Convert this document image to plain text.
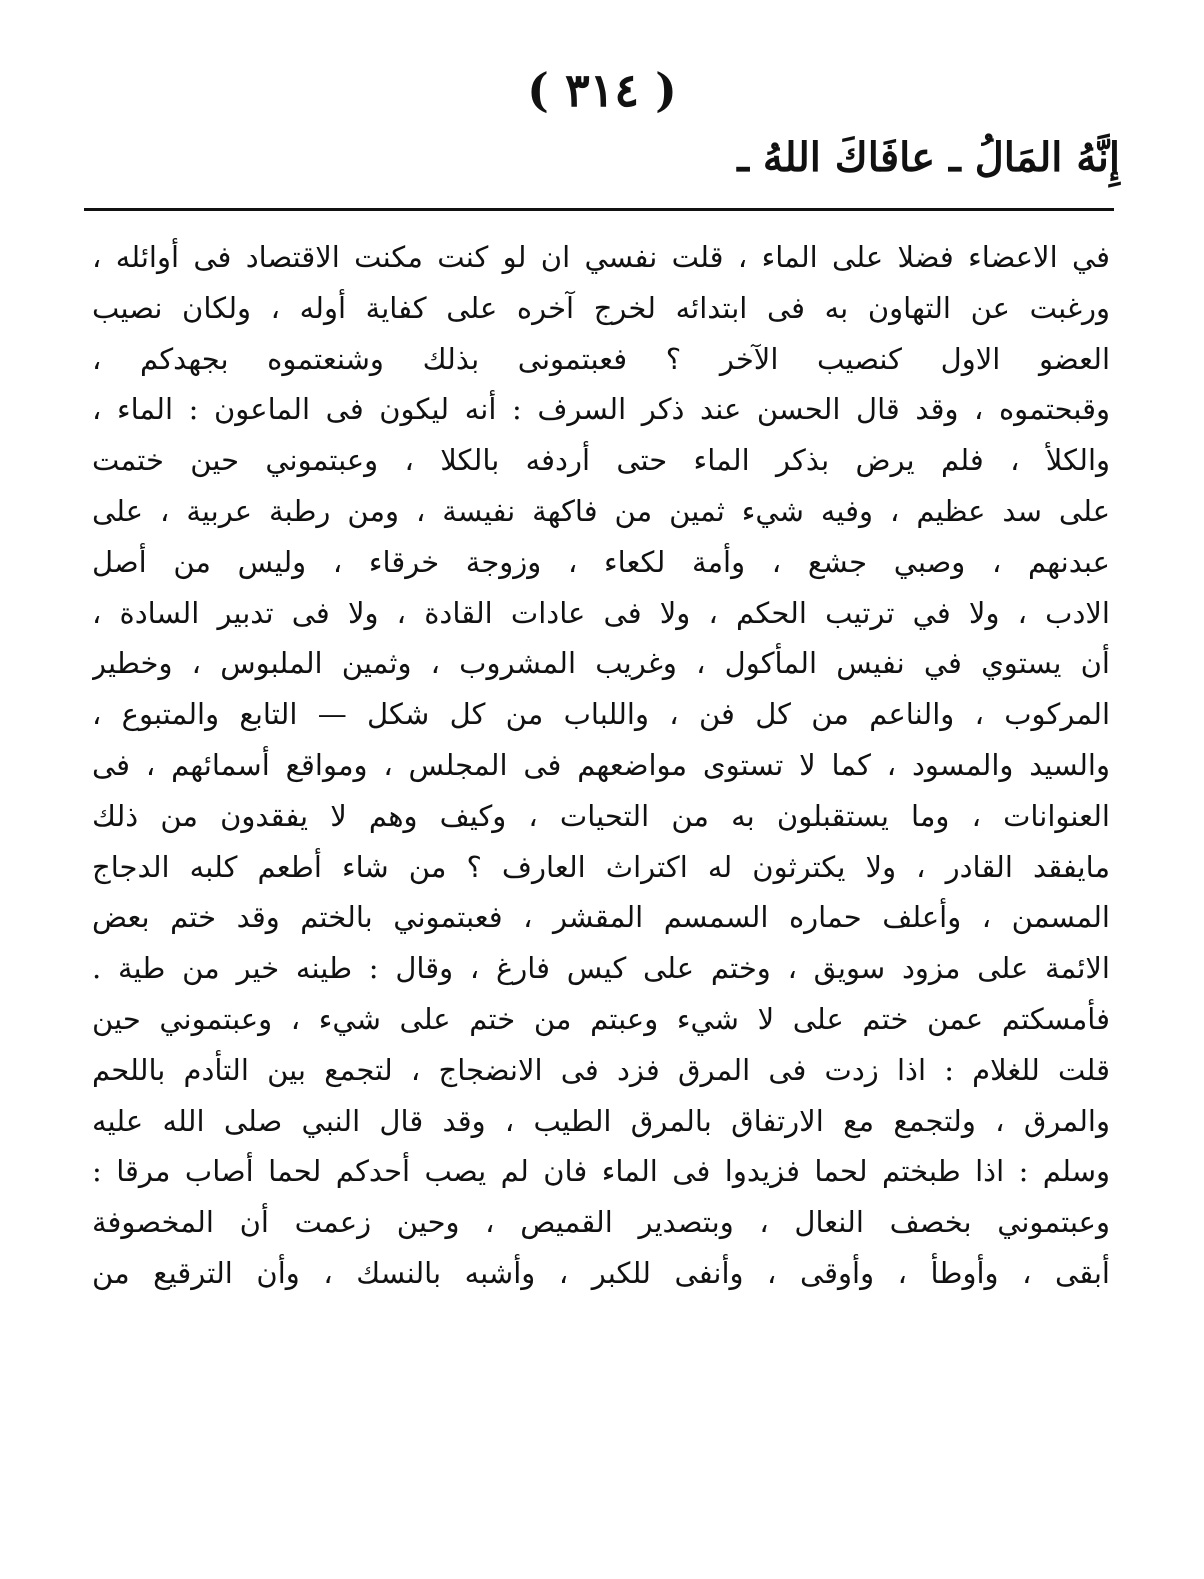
( ٣١٤ )
إِنَّهُ المَالُ ـ عافَاكَ اللهُ ـ
في الاعضاء فضلا على الماء ، قلت نفسي ان لو كنت مكنت الاقتصاد فى أوائله ،
ورغبت عن التهاون به فى ابتدائه لخرج آخره على كفاية أوله ، ولكان نصيب
العضو الاول كنصيب الآخر ؟ فعبتمونى بذلك وشنعتموه بجهدكم ،
وقبحتموه ، وقد قال الحسن عند ذكر السرف : أنه ليكون فى الماعون : الماء ،
والكلأ ، فلم يرض بذكر الماء حتى أردفه بالكلا ، وعبتموني حين ختمت
على سد عظيم ، وفيه شيء ثمين من فاكهة نفيسة ، ومن رطبة عربية ، على
عبدنهم ، وصبي جشع ، وأمة لكعاء ، وزوجة خرقاء ، وليس من أصل
الادب ، ولا في ترتيب الحكم ، ولا فى عادات القادة ، ولا فى تدبير السادة ،
أن يستوي في نفيس المأكول ، وغريب المشروب ، وثمين الملبوس ، وخطير
المركوب ، والناعم من كل فن ، واللباب من كل شكل — التابع والمتبوع ،
والسيد والمسود ، كما لا تستوى مواضعهم فى المجلس ، ومواقع أسمائهم ، فى
العنوانات ، وما يستقبلون به من التحيات ، وكيف وهم لا يفقدون من ذلك
مايفقد القادر ، ولا يكترثون له اكتراث العارف ؟ من شاء أطعم كلبه الدجاج
المسمن ، وأعلف حماره السمسم المقشر ، فعبتموني بالختم وقد ختم بعض
الائمة على مزود سويق ، وختم على كيس فارغ ، وقال : طينه خير من طية .
فأمسكتم عمن ختم على لا شيء وعبتم من ختم على شيء ، وعبتموني حين
قلت للغلام : اذا زدت فى المرق فزد فى الانضجاج ، لتجمع بين التأدم باللحم
والمرق ، ولتجمع مع الارتفاق بالمرق الطيب ، وقد قال النبي صلى الله عليه
وسلم : اذا طبختم لحما فزيدوا فى الماء فان لم يصب أحدكم لحما أصاب مرقا :
وعبتموني بخصف النعال ، وبتصدير القميص ، وحين زعمت أن المخصوفة
أبقى ، وأوطأ ، وأوقى ، وأنفى للكبر ، وأشبه بالنسك ، وأن الترقيع من
